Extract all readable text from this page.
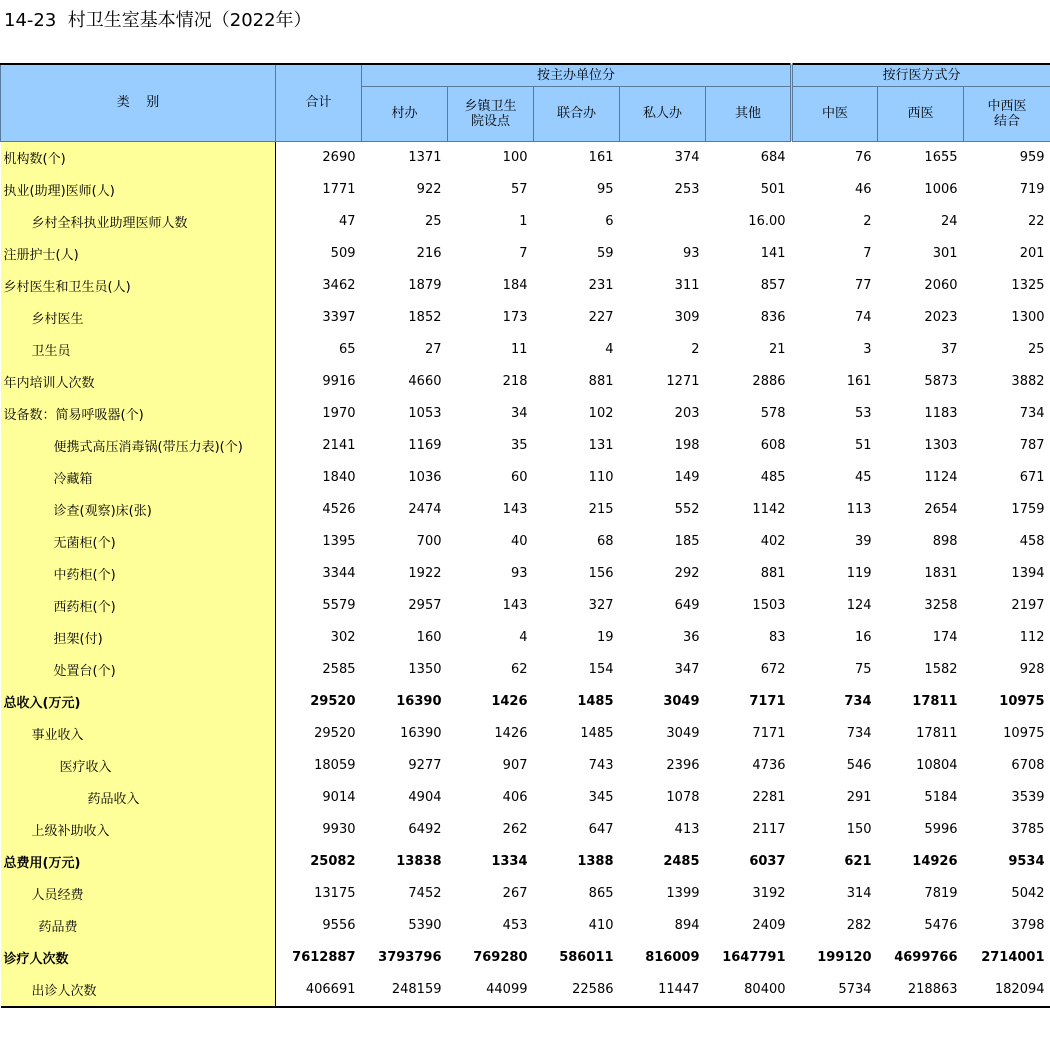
14-23  村卫生室基本情况（2022年）
类    别	合计	按主办单位分					按行医方式分		
		村办	乡镇卫生院设点	联合办	私人办	其他	中医	西医	中西医结合
机构数(个)	2690	1371	100	161	374	684	76	1655	959
执业(助理)医师(人)	1771	922	57	95	253	501	46	1006	719
乡村全科执业助理医师人数	47	25	1	6		16.00	2	24	22
注册护士(人)	509	216	7	59	93	141	7	301	201
乡村医生和卫生员(人)	3462	1879	184	231	311	857	77	2060	1325
乡村医生	3397	1852	173	227	309	836	74	2023	1300
卫生员	65	27	11	4	2	21	3	37	25
年内培训人次数	9916	4660	218	881	1271	2886	161	5873	3882
设备数：简易呼吸器(个)	1970	1053	34	102	203	578	53	1183	734
便携式高压消毒锅(带压力表)(个)	2141	1169	35	131	198	608	51	1303	787
冷藏箱	1840	1036	60	110	149	485	45	1124	671
诊查(观察)床(张)	4526	2474	143	215	552	1142	113	2654	1759
无菌柜(个)	1395	700	40	68	185	402	39	898	458
中药柜(个)	3344	1922	93	156	292	881	119	1831	1394
西药柜(个)	5579	2957	143	327	649	1503	124	3258	2197
担架(付)	302	160	4	19	36	83	16	174	112
处置台(个)	2585	1350	62	154	347	672	75	1582	928
总收入(万元)	29520	16390	1426	1485	3049	7171	734	17811	10975
事业收入	29520	16390	1426	1485	3049	7171	734	17811	10975
医疗收入	18059	9277	907	743	2396	4736	546	10804	6708
药品收入	9014	4904	406	345	1078	2281	291	5184	3539
上级补助收入	9930	6492	262	647	413	2117	150	5996	3785
总费用(万元)	25082	13838	1334	1388	2485	6037	621	14926	9534
人员经费	13175	7452	267	865	1399	3192	314	7819	5042
药品费	9556	5390	453	410	894	2409	282	5476	3798
诊疗人次数	7612887	3793796	769280	586011	816009	1647791	199120	4699766	2714001
出诊人次数	406691	248159	44099	22586	11447	80400	5734	218863	182094
